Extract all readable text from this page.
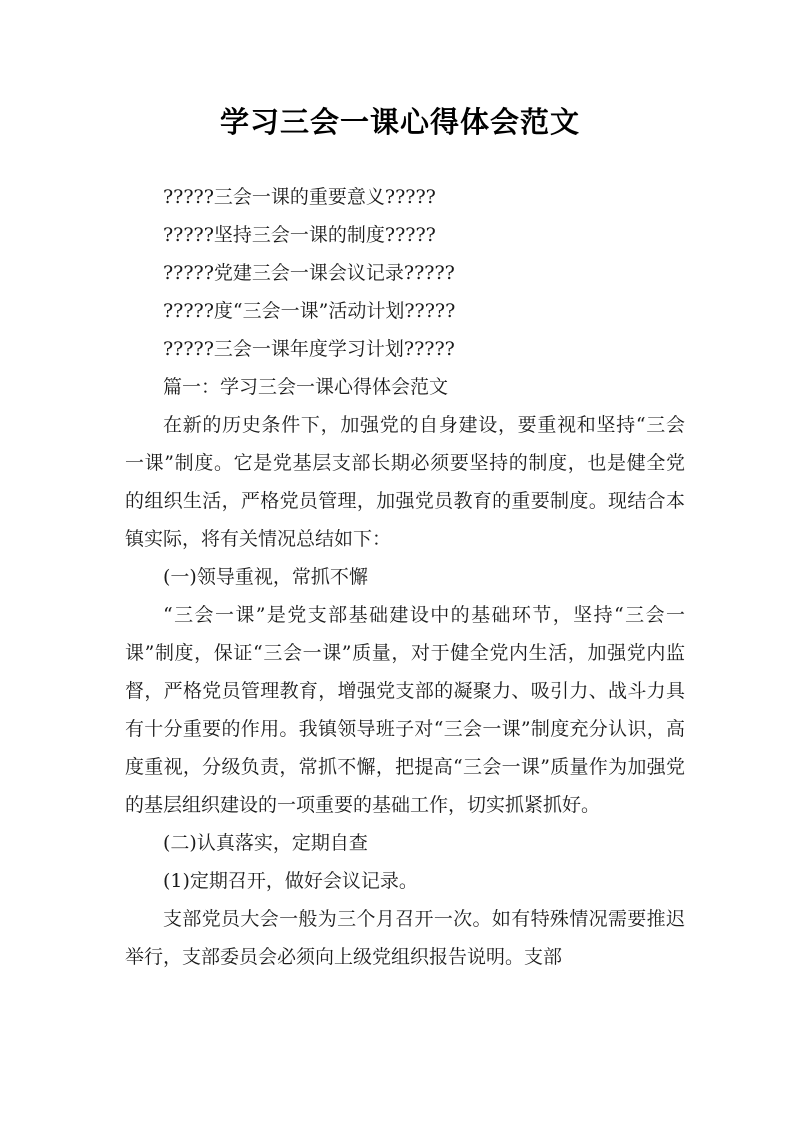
学习三会一课心得体会范文
?????三会一课的重要意义?????
?????坚持三会一课的制度?????
?????党建三会一课会议记录?????
?????度“三会一课”活动计划?????
?????三会一课年度学习计划?????
篇一：学习三会一课心得体会范文
在新的历史条件下，加强党的自身建设，要重视和坚持“三会一课”制度。它是党基层支部长期必须要坚持的制度，也是健全党的组织生活，严格党员管理，加强党员教育的重要制度。现结合本镇实际，将有关情况总结如下：
(一)领导重视，常抓不懈
“三会一课”是党支部基础建设中的基础环节，坚持“三会一课”制度，保证“三会一课”质量，对于健全党内生活，加强党内监督，严格党员管理教育，增强党支部的凝聚力、吸引力、战斗力具有十分重要的作用。我镇领导班子对“三会一课”制度充分认识，高度重视，分级负责，常抓不懈，把提高“三会一课”质量作为加强党的基层组织建设的一项重要的基础工作，切实抓紧抓好。
(二)认真落实，定期自查
(1)定期召开，做好会议记录。
支部党员大会一般为三个月召开一次。如有特殊情况需要推迟举行，支部委员会必须向上级党组织报告说明。支部
